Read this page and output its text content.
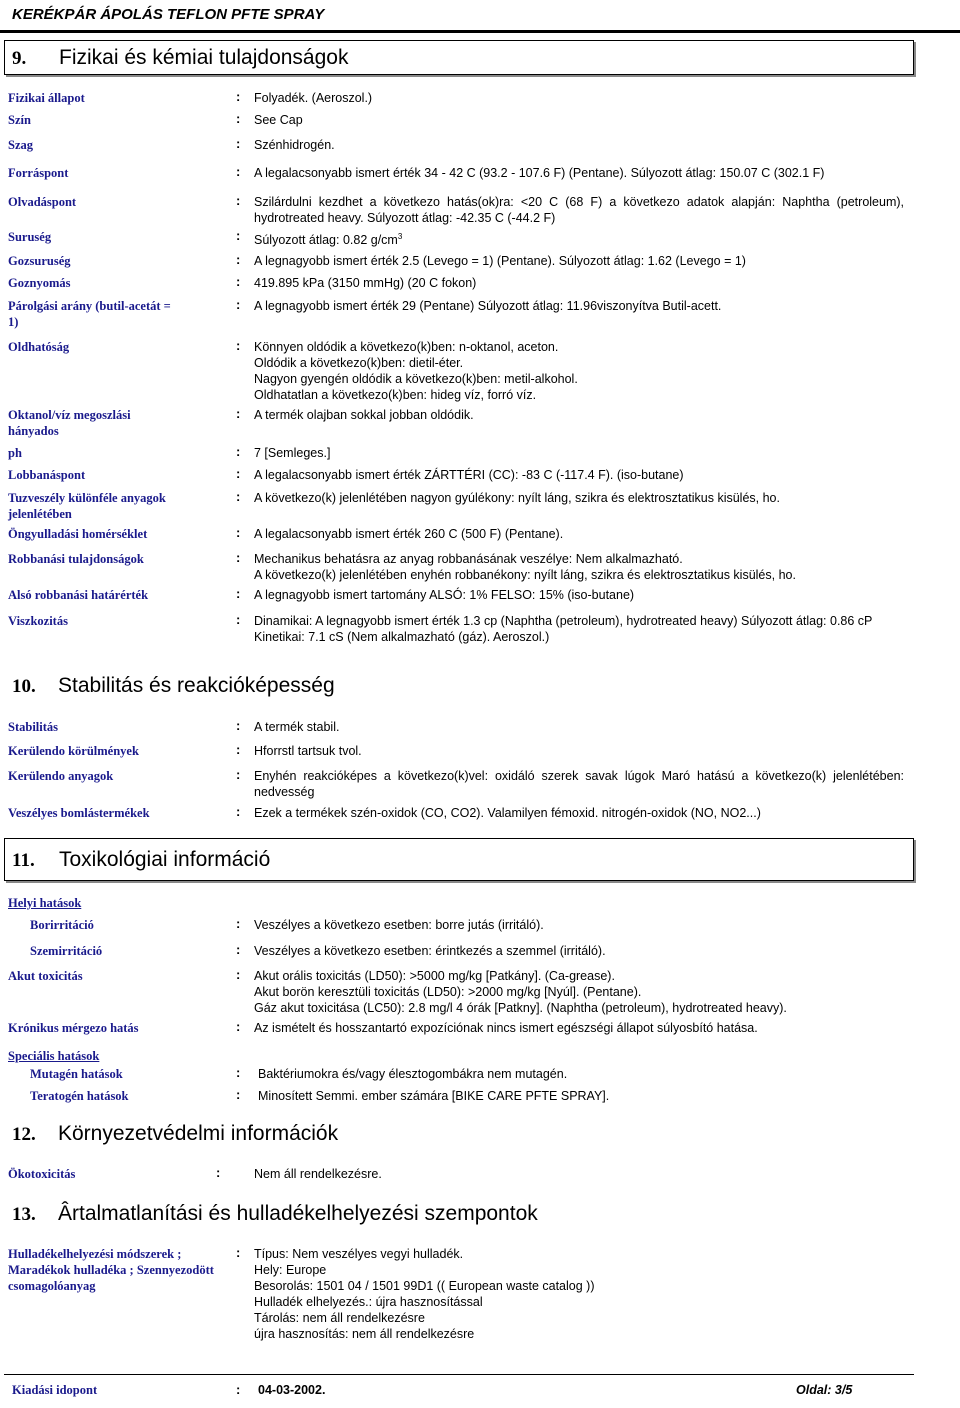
KERÉKPÁR ÁPOLÁS TEFLON PFTE SPRAY
9. Fizikai és kémiai tulajdonságok
Fizikai állapot	: Folyadék. (Aeroszol.)
Szín	: See Cap
Szag	: Szénhidrogén.
Forráspont	: A legalacsonyabb ismert érték 34 - 42 C (93.2 - 107.6 F) (Pentane). Súlyozott átlag: 150.07 C (302.1 F)
Olvadáspont	: Szilárdulni kezdhet a következo hatás(ok)ra: <20 C (68 F) a következo adatok alapján: Naphtha (petroleum), hydrotreated heavy. Súlyozott átlag: -42.35 C (-44.2 F)
Suruség	: Súlyozott átlag: 0.82 $g/cm^3$
Gozsuruség	: A legnagyobb ismert érték 2.5 (Levego = 1) (Pentane). Súlyozott átlag: 1.62 (Levego = 1)
Goznyomás	: 419.895 kPa (3150 mmHg) (20 C fokon)
Párolgási arány (butil-acetát = 1)
: A legnagyobb ismert érték 29 (Pentane) Súlyozott átlag: 11.96viszonyítva Butil-acett.
Oldhatóság	: Könnyen oldódik a következo(k)ben: n-oktanol, aceton.
Oldódik a következo(k)ben: dietil-éter.
Nagyon gyengén oldódik a következo(k)ben: metil-alkohol.
Oldhatatlan a következo(k)ben: hideg víz, forró víz.
Oktanol/víz megoszlási hányados
: A termék olajban sokkal jobban oldódik.
ph	: 7 [Semleges.]
Lobbanáspont	: A legalacsonyabb ismert érték ZÁRTTÉRI (CC): -83 C (-117.4 F). (iso-butane)
Tuzveszély különféle anyagok jelenlétében
: A következo(k) jelenlétében nagyon gyúlékony: nyílt láng, szikra és elektrosztatikus kisülés, ho.
Öngyulladási homérséklet	: A legalacsonyabb ismert érték 260 C (500 F) (Pentane).
Robbanási tulajdonságok	: Mechanikus behatásra az anyag robbanásának veszélye: Nem alkalmazható.
A következo(k) jelenlétében enyhén robbanékony: nyílt láng, szikra és elektrosztatikus kisülés, ho.
Alsó robbanási határérték	: A legnagyobb ismert tartomány ALSÓ: 1% FELSO: 15% (iso-butane)
Viszkozitás	: Dinamikai: A legnagyobb ismert érték 1.3 cp (Naphtha (petroleum), hydrotreated heavy) Súlyozott átlag: 0.86 cP
Kinetikai: 7.1 cS (Nem alkalmazható (gáz). Aeroszol.)
10. Stabilitás és reakcióképesség
Stabilitás	: A termék stabil.
Kerülendo körülmények	: Hforrstl tartsuk tvol.
Kerülendo anyagok	: Enyhén reakcióképes a következo(k)vel: oxidáló szerek savak lúgok Maró hatású a következo(k) jelenlétében: nedvesség
Veszélyes bomlástermékek	: Ezek a termékek szén-oxidok (CO, CO2). Valamilyen fémoxid. nitrogén-oxidok (NO, NO2...)
11. Toxikológiai információ
Helyi hatások
Borirritáció	: Veszélyes a következo esetben: borre jutás (irritáló).
Szemirritáció	: Veszélyes a következo esetben: érintkezés a szemmel (irritáló).
Akut toxicitás	: Akut orális toxicitás (LD50): >5000 mg/kg [Patkány]. (Ca-grease).
Akut borön keresztüli toxicitás (LD50): >2000 mg/kg [Nyúl]. (Pentane).
Gáz akut toxicitása (LC50): 2.8 mg/l 4 órák [Patkny]. (Naphtha (petroleum), hydrotreated heavy).
Krónikus mérgezo hatás	: Az ismételt és hosszantartó expozíciónak nincs ismert egészségi állapot súlyosbító hatása.
Speciális hatások
Mutagén hatások	: Baktériumokra és/vagy élesztogombákra nem mutagén.
Teratogén hatások	: Minosített Semmi. ember számára [BIKE CARE PFTE SPRAY].
12. Környezetvédelmi információk
Ökotoxicitás	:	Nem áll rendelkezésre.
13. Ârtalmatlanítási és hulladékelhelyezési szempontok
Hulladékelhelyezési módszerek ;
Maradékok hulladéka ; Szennyezodött
csomagolóanyag
: Típus: Nem veszélyes vegyi hulladék.
Hely: Europe
Besorolás: 1501 04 / 1501 99D1 (( European waste catalog ))
Hulladék elhelyezés.: újra hasznosítással
Tárolás: nem áll rendelkezésre
újra hasznosítás: nem áll rendelkezésre
Kiadási idopont	: 04-03-2002.	Oldal: 3/5
